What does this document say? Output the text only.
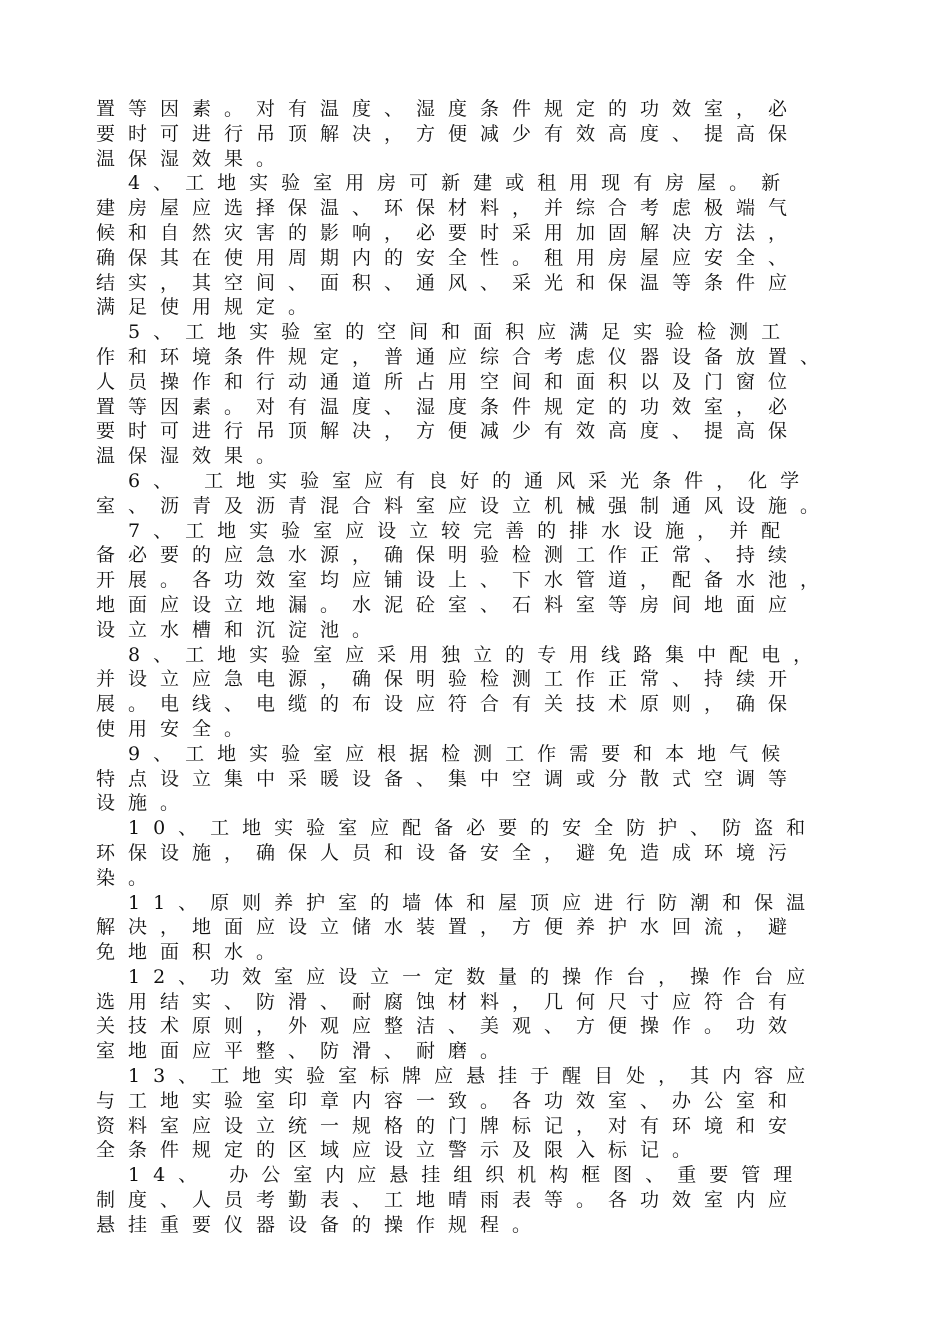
置等因素。对有温度、湿度条件规定的功效室，必
要时可进行吊顶解决，方便减少有效高度、提高保
温保湿效果。
　4、工地实验室用房可新建或租用现有房屋。新
建房屋应选择保温、环保材料，并综合考虑极端气
候和自然灾害的影响，必要时采用加固解决方法，
确保其在使用周期内的安全性。租用房屋应安全、
结实，其空间、面积、通风、采光和保温等条件应
满足使用规定。
　5、工地实验室的空间和面积应满足实验检测工
作和环境条件规定，普通应综合考虑仪器设备放置、
人员操作和行动通道所占用空间和面积以及门窗位
置等因素。对有温度、湿度条件规定的功效室，必
要时可进行吊顶解决，方便减少有效高度、提高保
温保湿效果。
　6、 工地实验室应有良好的通风采光条件，化学
室、沥青及沥青混合料室应设立机械强制通风设施。
　7、工地实验室应设立较完善的排水设施，并配
备必要的应急水源，确保明验检测工作正常、持续
开展。各功效室均应铺设上、下水管道，配备水池，
地面应设立地漏。水泥砼室、石料室等房间地面应
设立水槽和沉淀池。
　8、工地实验室应采用独立的专用线路集中配电，
并设立应急电源，确保明验检测工作正常、持续开
展。电线、电缆的布设应符合有关技术原则，确保
使用安全。
　9、工地实验室应根据检测工作需要和本地气候
特点设立集中采暖设备、集中空调或分散式空调等
设施。
　10、工地实验室应配备必要的安全防护、防盗和
环保设施，确保人员和设备安全，避免造成环境污
染。
　11、原则养护室的墙体和屋顶应进行防潮和保温
解决，地面应设立储水装置，方便养护水回流，避
免地面积水。
　12、功效室应设立一定数量的操作台，操作台应
选用结实、防滑、耐腐蚀材料，几何尺寸应符合有
关技术原则，外观应整洁、美观、方便操作。功效
室地面应平整、防滑、耐磨。
　13、工地实验室标牌应悬挂于醒目处，其内容应
与工地实验室印章内容一致。各功效室、办公室和
资料室应设立统一规格的门牌标记，对有环境和安
全条件规定的区域应设立警示及限入标记。
　14、 办公室内应悬挂组织机构框图、重要管理
制度、人员考勤表、工地晴雨表等。各功效室内应
悬挂重要仪器设备的操作规程。
